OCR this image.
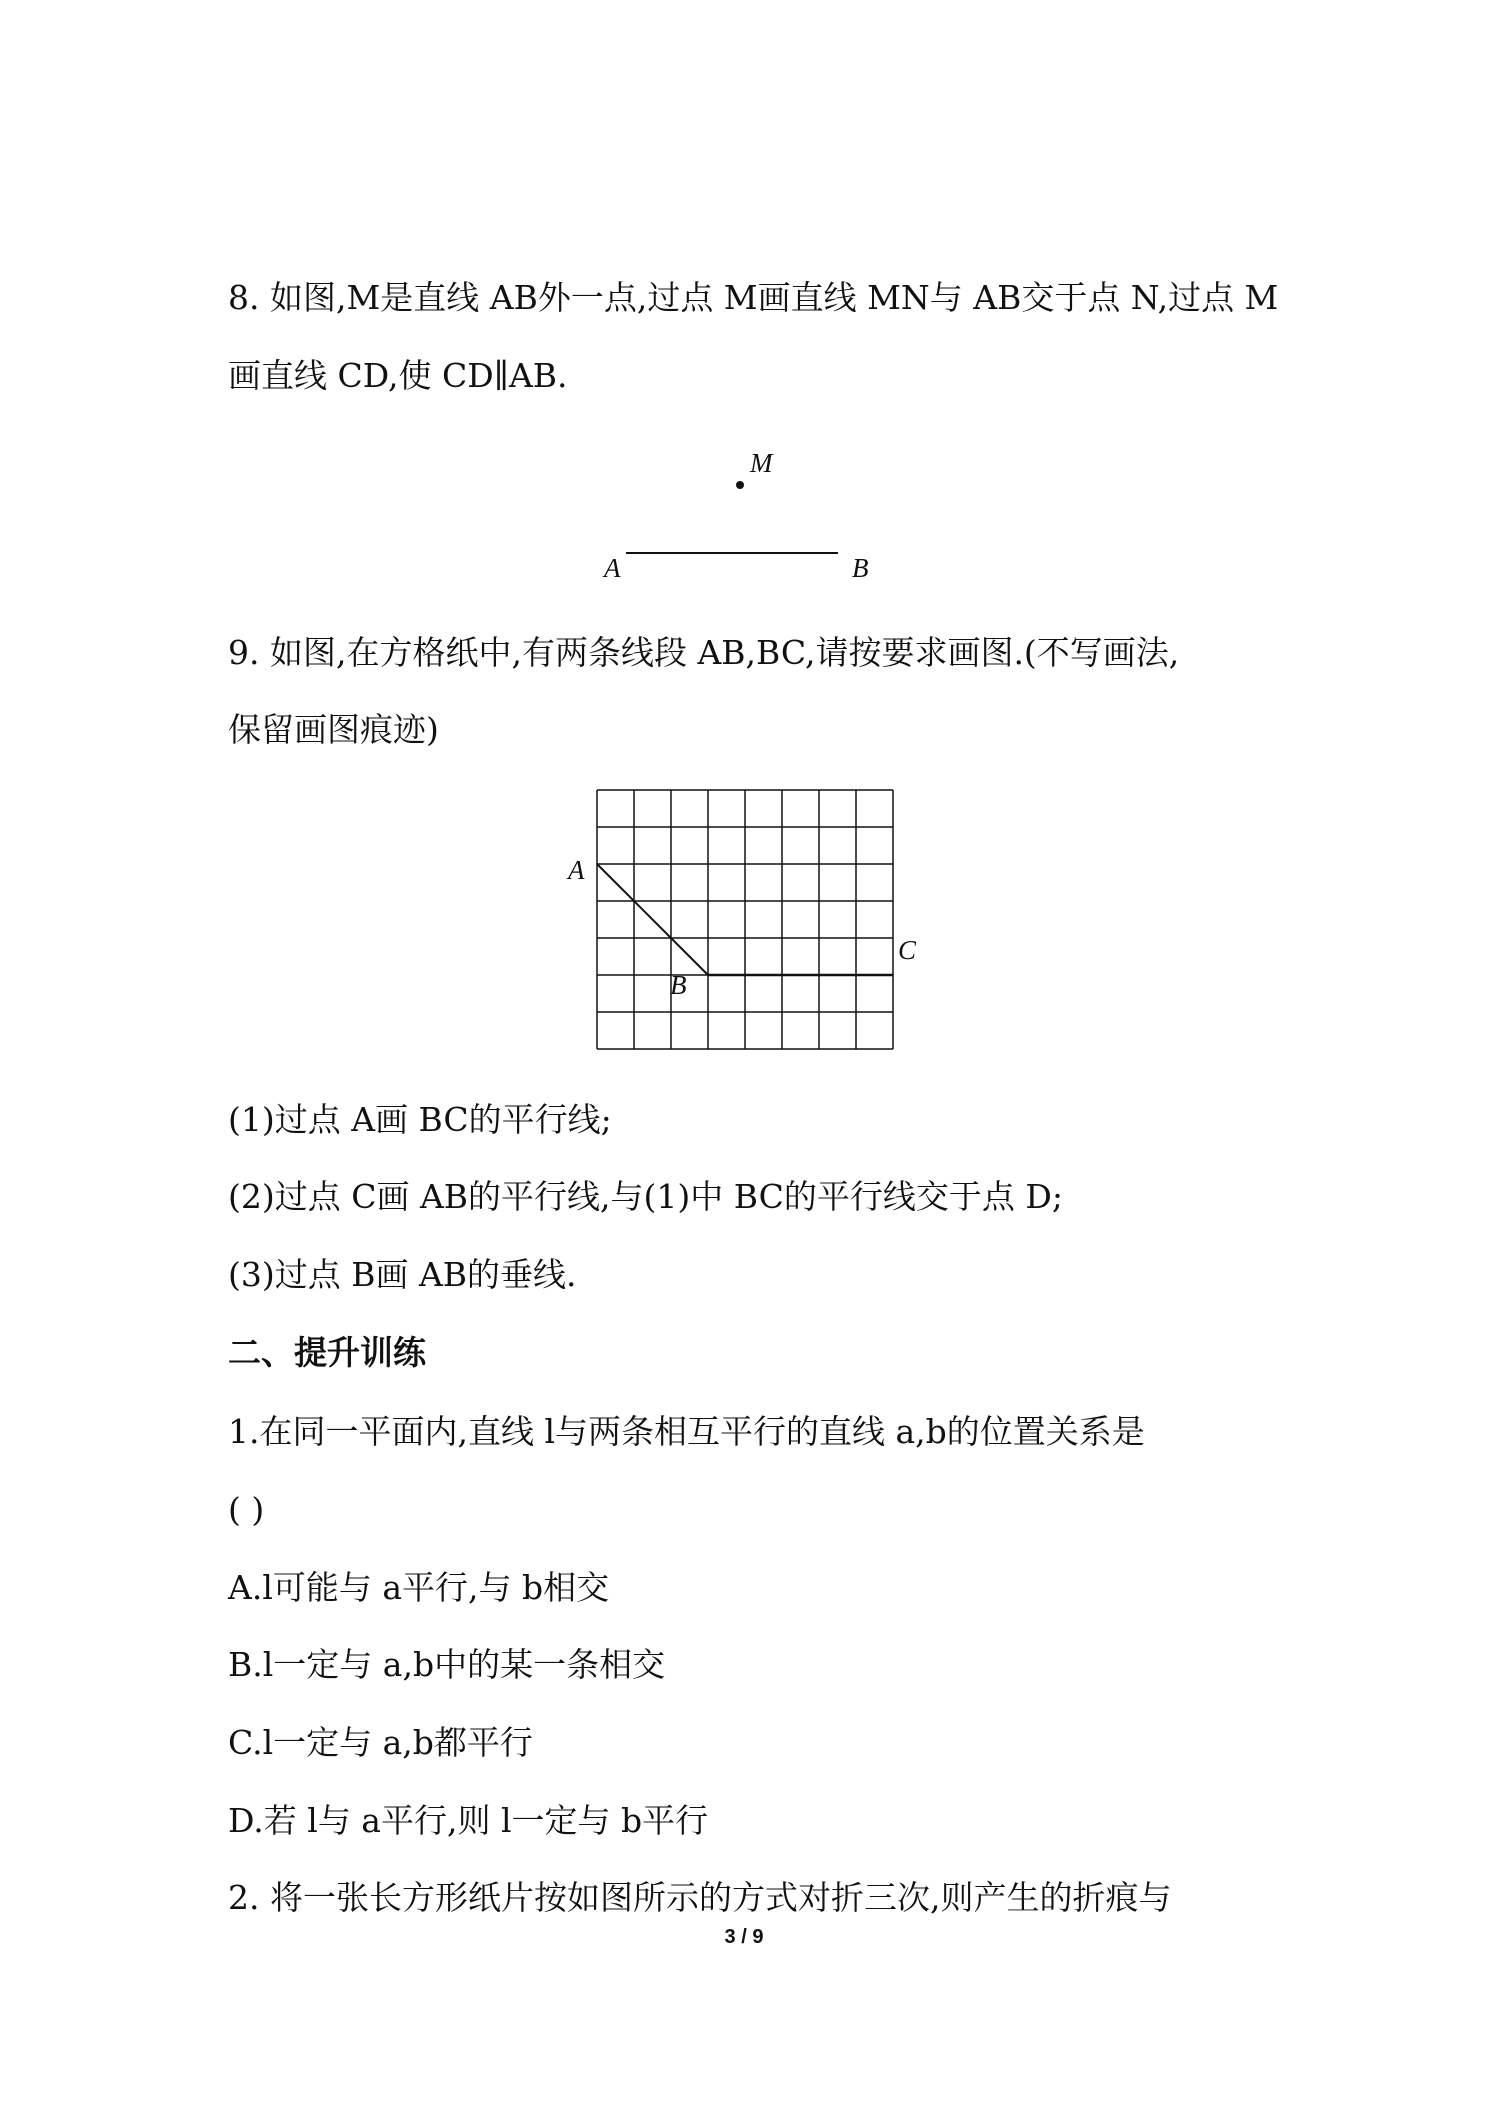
8. 如图,M是直线 AB外一点,过点 M画直线 MN与 AB交于点 N,过点 M
画直线 CD,使 CD∥AB.
M
A	B
9. 如图,在方格纸中,有两条线段 AB,BC,请按要求画图.(不写画法,
保留画图痕迹)
A
B
C
(1)过点 A画 BC的平行线;
(2)过点 C画 AB的平行线,与(1)中 BC的平行线交于点 D;
(3)过点 B画 AB的垂线.
二、提升训练
1.在同一平面内,直线 l与两条相互平行的直线 a,b的位置关系是
( )
A.l可能与 a平行,与 b相交
B.l一定与 a,b中的某一条相交
C.l一定与 a,b都平行
D.若 l与 a平行,则 l一定与 b平行
2. 将一张长方形纸片按如图所示的方式对折三次,则产生的折痕与
3 / 9
